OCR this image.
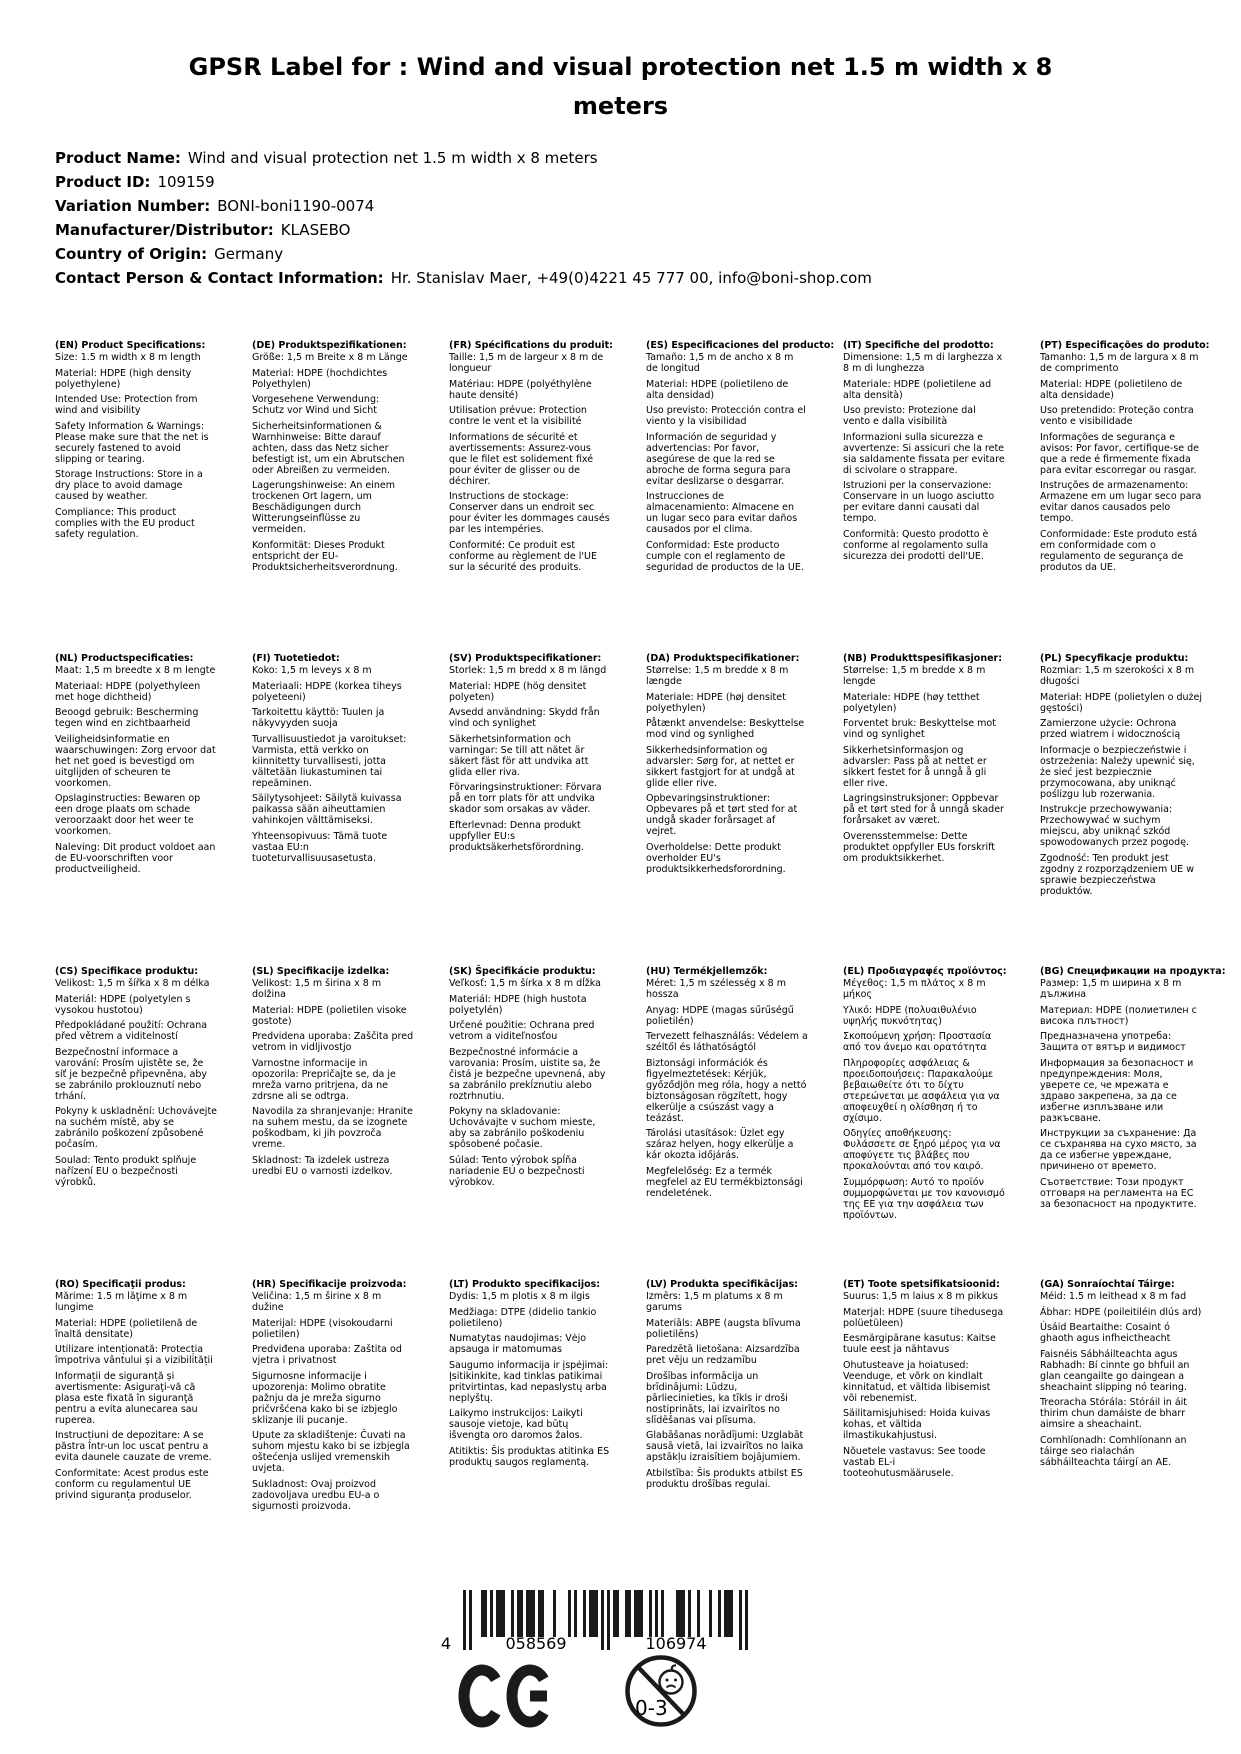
GPSR Label for : Wind and visual protection net 1.5 m width x 8 meters
Product Name: Wind and visual protection net 1.5 m width x 8 meters
Product ID: 109159
Variation Number: BONI-boni1190-0074
Manufacturer/Distributor: KLASEBO
Country of Origin: Germany
Contact Person & Contact Information: Hr. Stanislav Maer, +49(0)4221 45 777 00, info@boni-shop.com
(EN) Product Specifications:

Size: 1.5 m width x 8 m length

Material: HDPE (high density polyethylene)

Intended Use: Protection from wind and visibility

Safety Information & Warnings: Please make sure that the net is securely fastened to avoid slipping or tearing.

Storage Instructions: Store in a dry place to avoid damage caused by weather.

Compliance: This product complies with the EU product safety regulation.

(DE) Produktspezifikationen:

Größe: 1,5 m Breite x 8 m Länge

Material: HDPE (hochdichtes Polyethylen)

Vorgesehene Verwendung: Schutz vor Wind und Sicht

Sicherheitsinformationen & Warnhinweise: Bitte darauf achten, dass das Netz sicher befestigt ist, um ein Abrutschen oder Abreißen zu vermeiden.

Lagerungshinweise: An einem trockenen Ort lagern, um Beschädigungen durch Witterungseinflüsse zu vermeiden.

Konformität: Dieses Produkt entspricht der EU-Produktsicherheitsverordnung.

(FR) Spécifications du produit:

Taille: 1,5 m de largeur x 8 m de longueur

Matériau: HDPE (polyéthylène haute densité)

Utilisation prévue: Protection contre le vent et la visibilité

Informations de sécurité et avertissements: Assurez-vous que le filet est solidement fixé pour éviter de glisser ou de déchirer.

Instructions de stockage: Conserver dans un endroit sec pour éviter les dommages causés par les intempéries.

Conformité: Ce produit est conforme au règlement de l'UE sur la sécurité des produits.

(ES) Especificaciones del producto:

Tamaño: 1,5 m de ancho x 8 m de longitud

Material: HDPE (polietileno de alta densidad)

Uso previsto: Protección contra el viento y la visibilidad

Información de seguridad y advertencias: Por favor, asegúrese de que la red se abroche de forma segura para evitar deslizarse o desgarrar.

Instrucciones de almacenamiento: Almacene en un lugar seco para evitar daños causados por el clima.

Conformidad: Este producto cumple con el reglamento de seguridad de productos de la UE.

(IT) Specifiche del prodotto:

Dimensione: 1,5 m di larghezza x 8 m di lunghezza

Materiale: HDPE (polietilene ad alta densità)

Uso previsto: Protezione dal vento e dalla visibilità

Informazioni sulla sicurezza e avvertenze: Si assicuri che la rete sia saldamente fissata per evitare di scivolare o strappare.

Istruzioni per la conservazione: Conservare in un luogo asciutto per evitare danni causati dal tempo.

Conformità: Questo prodotto è conforme al regolamento sulla sicurezza dei prodotti dell'UE.

(PT) Especificações do produto:

Tamanho: 1,5 m de largura x 8 m de comprimento

Material: HDPE (polietileno de alta densidade)

Uso pretendido: Proteção contra vento e visibilidade

Informações de segurança e avisos: Por favor, certifique-se de que a rede é firmemente fixada para evitar escorregar ou rasgar.

Instruções de armazenamento: Armazene em um lugar seco para evitar danos causados pelo tempo.

Conformidade: Este produto está em conformidade com o regulamento de segurança de produtos da UE.

(NL) Productspecificaties:

Maat: 1,5 m breedte x 8 m lengte

Materiaal: HDPE (polyethyleen met hoge dichtheid)

Beoogd gebruik: Bescherming tegen wind en zichtbaarheid

Veiligheidsinformatie en waarschuwingen: Zorg ervoor dat het net goed is bevestigd om uitglijden of scheuren te voorkomen.

Opslaginstructies: Bewaren op een droge plaats om schade veroorzaakt door het weer te voorkomen.

Naleving: Dit product voldoet aan de EU-voorschriften voor productveiligheid.

(FI) Tuotetiedot:

Koko: 1,5 m leveys x 8 m

Materiaali: HDPE (korkea tiheys polyeteeni)

Tarkoitettu käyttö: Tuulen ja näkyvyyden suoja

Turvallisuustiedot ja varoitukset: Varmista, että verkko on kiinnitetty turvallisesti, jotta vältetään liukastuminen tai repeäminen.

Säilytysohjeet: Säilytä kuivassa paikassa sään aiheuttamien vahinkojen välttämiseksi.

Yhteensopivuus: Tämä tuote vastaa EU:n tuoteturvallisuusasetusta.

(SV) Produktspecifikationer:

Storlek: 1,5 m bredd x 8 m längd

Material: HDPE (hög densitet polyeten)

Avsedd användning: Skydd från vind och synlighet

Säkerhetsinformation och varningar: Se till att nätet är säkert fäst för att undvika att glida eller riva.

Förvaringsinstruktioner: Förvara på en torr plats för att undvika skador som orsakas av väder.

Efterlevnad: Denna produkt uppfyller EU:s produktsäkerhetsförordning.

(DA) Produktspecifikationer:

Størrelse: 1,5 m bredde x 8 m længde

Materiale: HDPE (høj densitet polyethylen)

Påtænkt anvendelse: Beskyttelse mod vind og synlighed

Sikkerhedsinformation og advarsler: Sørg for, at nettet er sikkert fastgjort for at undgå at glide eller rive.

Opbevaringsinstruktioner: Opbevares på et tørt sted for at undgå skader forårsaget af vejret.

Overholdelse: Dette produkt overholder EU's produktsikkerhedsforordning.

(NB) Produkttspesifikasjoner:

Størrelse: 1,5 m bredde x 8 m lengde

Materiale: HDPE (høy tetthet polyetylen)

Forventet bruk: Beskyttelse mot vind og synlighet

Sikkerhetsinformasjon og advarsler: Pass på at nettet er sikkert festet for å unngå å gli eller rive.

Lagringsinstruksjoner: Oppbevar på et tørt sted for å unngå skader forårsaket av været.

Overensstemmelse: Dette produktet oppfyller EUs forskrift om produktsikkerhet.

(PL) Specyfikacje produktu:

Rozmiar: 1,5 m szerokości x 8 m długości

Materiał: HDPE (polietylen o dużej gęstości)

Zamierzone użycie: Ochrona przed wiatrem i widocznością

Informacje o bezpieczeństwie i ostrzeżenia: Należy upewnić się, że sieć jest bezpiecznie przymocowana, aby uniknąć poślizgu lub rozerwania.

Instrukcje przechowywania: Przechowywać w suchym miejscu, aby uniknąć szkód spowodowanych przez pogodę.

Zgodność: Ten produkt jest zgodny z rozporządzeniem UE w sprawie bezpieczeństwa produktów.

(CS) Specifikace produktu:

Velikost: 1,5 m šířka x 8 m délka

Materiál: HDPE (polyetylen s vysokou hustotou)

Předpokládané použití: Ochrana před větrem a viditelností

Bezpečnostní informace a varování: Prosím ujistěte se, že síť je bezpečně připevněna, aby se zabránilo proklouznutí nebo trhání.

Pokyny k uskladnění: Uchovávejte na suchém místě, aby se zabránilo poškození způsobené počasím.

Soulad: Tento produkt splňuje nařízení EU o bezpečnosti výrobků.

(SL) Specifikacije izdelka:

Velikost: 1,5 m širina x 8 m dolžina

Material: HDPE (polietilen visoke gostote)

Predvidena uporaba: Zaščita pred vetrom in vidljivostjo

Varnostne informacije in opozorila: Prepričajte se, da je mreža varno pritrjena, da ne zdrsne ali se odtrga.

Navodila za shranjevanje: Hranite na suhem mestu, da se izognete poškodbam, ki jih povzroča vreme.

Skladnost: Ta izdelek ustreza uredbi EU o varnosti izdelkov.

(SK) Špecifikácie produktu:

Veľkosť: 1,5 m šírka x 8 m dĺžka

Materiál: HDPE (high hustota polyetylén)

Určené použitie: Ochrana pred vetrom a viditeľnosťou

Bezpečnostné informácie a varovania: Prosím, uistite sa, že čistá je bezpečne upevnená, aby sa zabránilo prekĺznutiu alebo roztrhnutiu.

Pokyny na skladovanie: Uchovávajte v suchom mieste, aby sa zabránilo poškodeniu spôsobené počasie.

Súlad: Tento výrobok spĺňa nariadenie EÚ o bezpečnosti výrobkov.

(HU) Termékjellemzők:

Méret: 1,5 m szélesség x 8 m hossza

Anyag: HDPE (magas sűrűségű polietilén)

Tervezett felhasználás: Védelem a széltől és láthatóságtól

Biztonsági információk és figyelmeztetések: Kérjük, győződjön meg róla, hogy a nettó biztonságosan rögzített, hogy elkerülje a csúszást vagy a teázást.

Tárolási utasítások: Üzlet egy száraz helyen, hogy elkerülje a kár okozta időjárás.

Megfelelőség: Ez a termék megfelel az EU termékbiztonsági rendeletének.

(EL) Προδιαγραφές προϊόντος:

Μέγεθος: 1,5 m πλάτος x 8 m μήκος

Υλικό: HDPE (πολυαιθυλένιο υψηλής πυκνότητας)

Σκοπούμενη χρήση: Προστασία από τον άνεμο και ορατότητα

Πληροφορίες ασφάλειας & προειδοποιήσεις: Παρακαλούμε βεβαιωθείτε ότι το δίχτυ στερεώνεται με ασφάλεια για να αποφευχθεί η ολίσθηση ή το σχίσιμο.

Οδηγίες αποθήκευσης: Φυλάσσετε σε ξηρό μέρος για να αποφύγετε τις βλάβες που προκαλούνται από τον καιρό.

Συμμόρφωση: Αυτό το προϊόν συμμορφώνεται με τον κανονισμό της ΕΕ για την ασφάλεια των προϊόντων.

(BG) Спецификации на продукта:

Размер: 1,5 m ширина x 8 m дължина

Материал: HDPE (полиетилен с висока плътност)

Предназначена употреба: Защита от вятър и видимост

Информация за безопасност и предупреждения: Моля, уверете се, че мрежата е здраво закрепена, за да се избегне изплъзване или разкъсване.

Инструкции за съхранение: Да се съхранява на сухо място, за да се избегне увреждане, причинено от времето.

Съответствие: Този продукт отговаря на регламента на ЕС за безопасност на продуктите.

(RO) Specificaţii produs:

Mărime: 1.5 m lăţime x 8 m lungime

Material: HDPE (polietilenă de înaltă densitate)

Utilizare intenționată: Protecția împotriva vântului și a vizibilității

Informații de siguranță și avertismente: Asiguraţi-vă că plasa este fixată în siguranţă pentru a evita alunecarea sau ruperea.

Instrucțiuni de depozitare: A se păstra într-un loc uscat pentru a evita daunele cauzate de vreme.

Conformitate: Acest produs este conform cu regulamentul UE privind siguranța produselor.

(HR) Specifikacije proizvoda:

Veličina: 1,5 m širine x 8 m dužine

Materijal: HDPE (visokoudarni polietilen)

Predviđena uporaba: Zaštita od vjetra i privatnost

Sigurnosne informacije i upozorenja: Molimo obratite pažnju da je mreža sigurno pričvršćena kako bi se izbjeglo sklizanje ili pucanje.

Upute za skladištenje: Čuvati na suhom mjestu kako bi se izbjegla oštećenja uslijed vremenskih uvjeta.

Sukladnost: Ovaj proizvod zadovoljava uredbu EU-a o sigurnosti proizvoda.

(LT) Produkto specifikacijos:

Dydis: 1,5 m plotis x 8 m ilgis

Medžiaga: DTPE (didelio tankio polietileno)

Numatytas naudojimas: Vėjo apsauga ir matomumas

Saugumo informacija ir įspėjimai: Įsitikinkite, kad tinklas patikimai pritvirtintas, kad nepaslystų arba neplyštų.

Laikymo instrukcijos: Laikyti sausoje vietoje, kad būtų išvengta oro daromos žalos.

Atitiktis: Šis produktas atitinka ES produktų saugos reglamentą.

(LV) Produkta specifikācijas:

Izmērs: 1,5 m platums x 8 m garums

Materiāls: ABPE (augsta blīvuma polietilēns)

Paredzētā lietošana: Aizsardzība pret vēju un redzamību

Drošības informācija un brīdinājumi: Lūdzu, pārliecinieties, ka tīkls ir droši nostiprināts, lai izvairītos no slīdēšanas vai plīsuma.

Glabāšanas norādījumi: Uzglabāt sausā vietā, lai izvairītos no laika apstākļu izraisītiem bojājumiem.

Atbilstība: Šis produkts atbilst ES produktu drošības regulai.

(ET) Toote spetsifikatsioonid:

Suurus: 1,5 m laius x 8 m pikkus

Materjal: HDPE (suure tihedusega polüetüleen)

Eesmärgipärane kasutus: Kaitse tuule eest ja nähtavus

Ohutusteave ja hoiatused: Veenduge, et võrk on kindlalt kinnitatud, et vältida libisemist või rebenemist.

Säilitamisjuhised: Hoida kuivas kohas, et vältida ilmastikukahjustusi.

Nõuetele vastavus: See toode vastab EL-i tooteohutusmäärusele.

(GA) Sonraíochtaí Táirge:

Méid: 1.5 m leithead x 8 m fad

Ábhar: HDPE (poileitiléin dlús ard)

Úsáid Beartaithe: Cosaint ó ghaoth agus infheictheacht

Faisnéis Sábháilteachta agus Rabhadh: Bí cinnte go bhfuil an glan ceangailte go daingean a sheachaint slipping nó tearing.

Treoracha Stórála: Stóráil in áit thirim chun damáiste de bharr aimsire a sheachaint.

Comhlíonadh: Comhlíonann an táirge seo rialachán sábháilteachta táirgí an AE.

4	058569	106974
0-3
